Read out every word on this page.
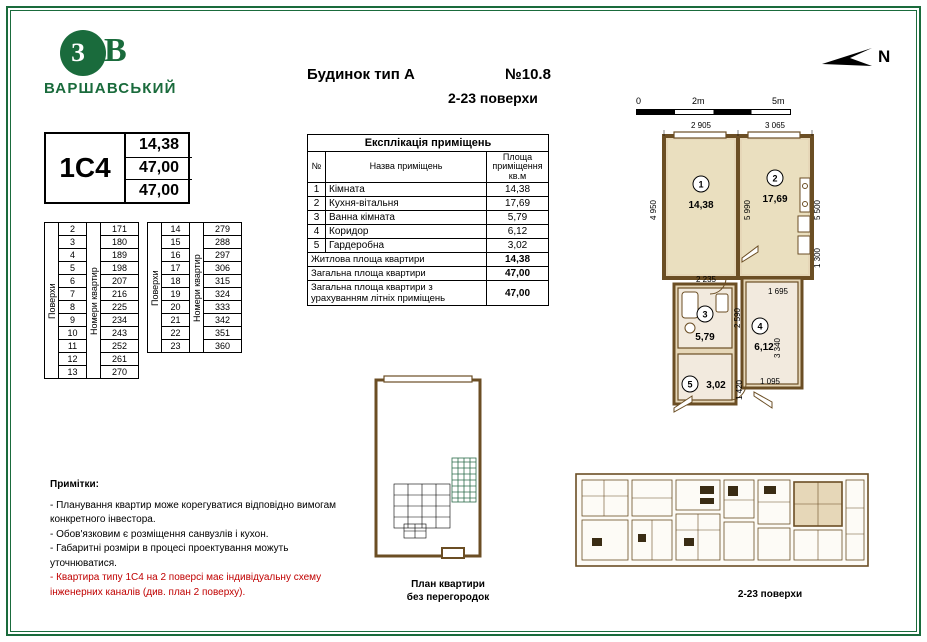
З В
ВАРШАВСЬКИЙ
1С4
14,38
47,00
47,00
Поверхи	2	Номери квартир	171
	3		180
	4		189
	5		198
	6		207
	7		216
	8		225
	9		234
	10		243
	11		252
	12		261
	13		270
Поверхи	14	Номери квартир	279
	15		288
	16		297
	17		306
	18		315
	19		324
	20		333
	21		342
	22		351
	23		360
Будинок тип А	№10.8
2-23 поверхи
Експлікація приміщень		
№	Назва приміщень	Площа
приміщення
кв.м
1	Кімната	14,38
2	Кухня-вітальня	17,69
3	Ванна кімната	5,79
4	Коридор	6,12
5	Гардеробна	3,02
Житлова площа квартири		14,38
Загальна площа квартири		47,00
Загальна площа квартири з урахуванням літніх приміщень		47,00
Примітки:
- Планування квартир може корегуватися відповідно вимогам конкретного інвестора.
- Обов'язковим є розміщення санвузлів і кухон.
- Габаритні розміри в процесі проектування можуть уточнюватися.
- Квартира типу 1С4 на 2 поверсі має індивідуальну схему інженерних каналів (див. план 2 поверху).
0	2m	5m
N
1
14,38
2
17,69
3
5,79
4
6,12
5 3,02
2 905	3 065
4 950	5 990	5 500
2 235
2 590
1 695
3 340
1 095
1 420
1 300
План квартири
без перегородок	2-23 поверхи
